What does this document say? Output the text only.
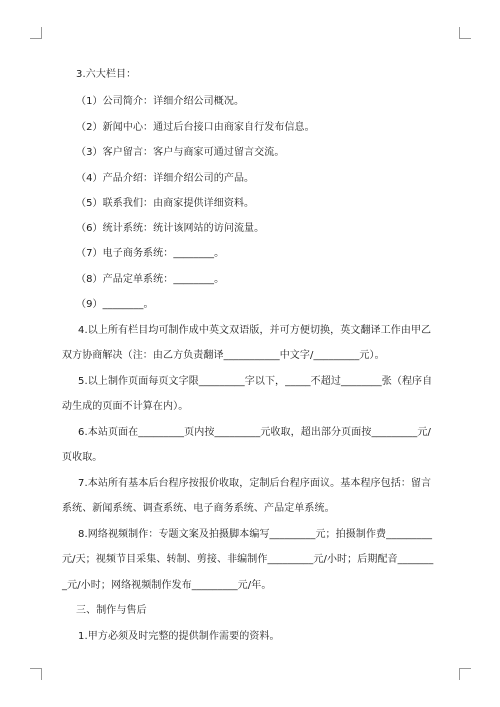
3.六大栏目：
（1）公司简介：详细介绍公司概况。
（2）新闻中心：通过后台接口由商家自行发布信息。
（3）客户留言：客户与商家可通过留言交流。
（4）产品介绍：详细介绍公司的产品。
（5）联系我们：由商家提供详细资料。
（6）统计系统：统计该网站的访问流量。
（7）电子商务系统：________。
（8）产品定单系统：________。
（9）________。
4.以上所有栏目均可制作成中英文双语版，并可方便切换，英文翻译工作由甲乙
双方协商解决（注：由乙方负责翻译___________中文字/_________元）。
5.以上制作页面每页文字限_________字以下，_____不超过________张（程序自
动生成的页面不计算在内）。
6.本站页面在_________页内按_________元收取，超出部分页面按_________元/
页收取。
7.本站所有基本后台程序按报价收取，定制后台程序面议。基本程序包括：留言
系统、新闻系统、调查系统、电子商务系统、产品定单系统。
8.网络视频制作：专题文案及拍摄脚本编写_________元；拍摄制作费_________
元/天；视频节目采集、转制、剪接、非编制作_________元/小时；后期配音_______
_元/小时；网络视频制作发布_________元/年。
三、制作与售后
1.甲方必须及时完整的提供制作需要的资料。
